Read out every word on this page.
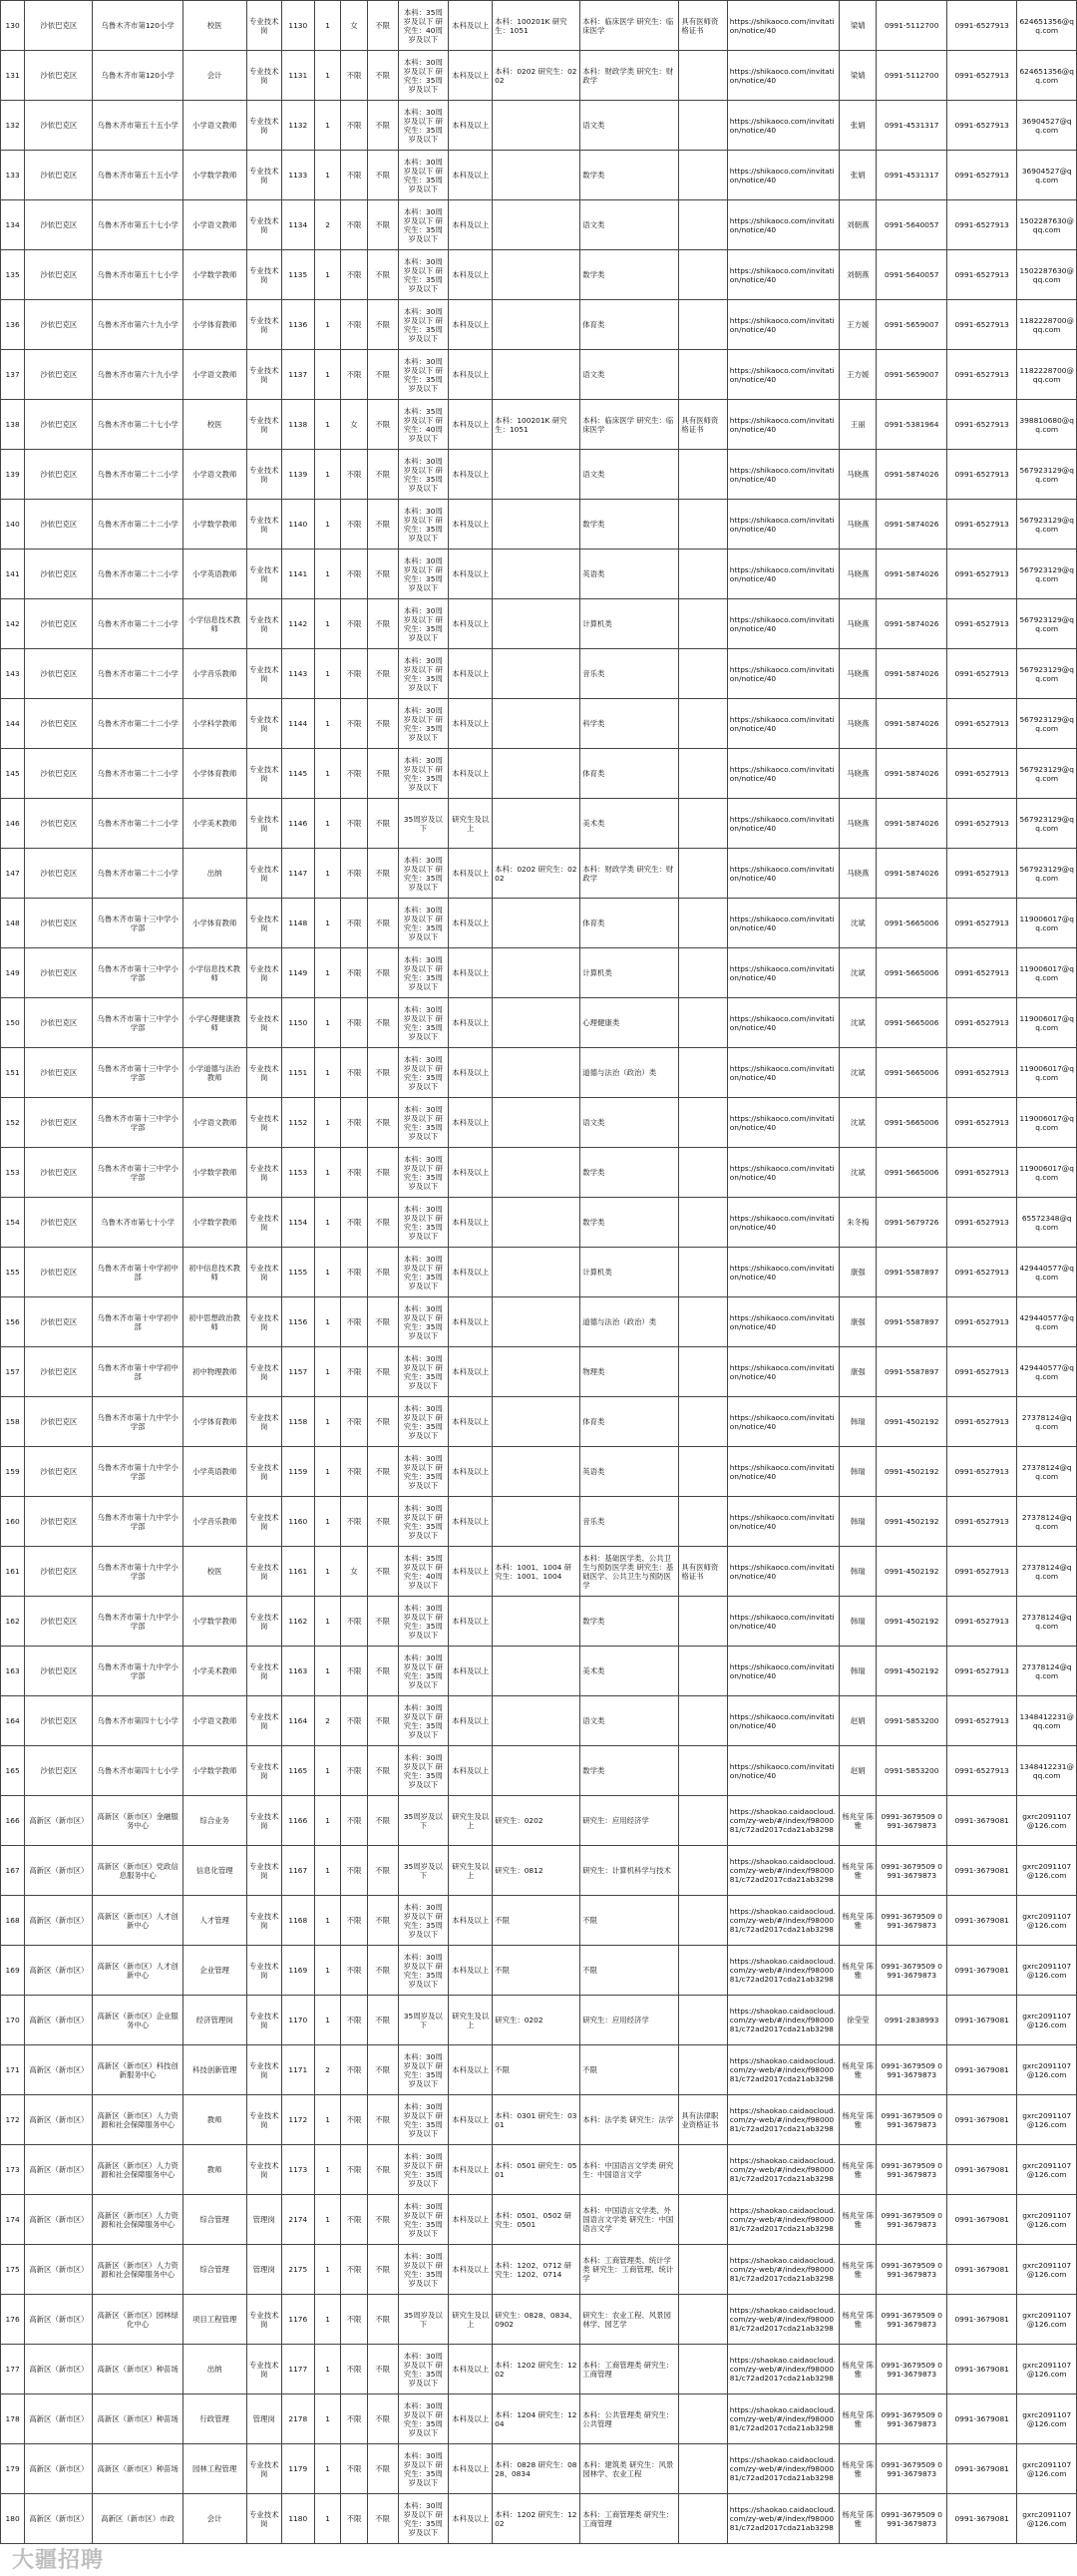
130	沙依巴克区	乌鲁木齐市第120小学	校医	专业技术岗	1130	1	女	不限	本科：35周岁及以下 研究生：40周岁及以下	本科及以上	本科：100201K 研究生：1051	本科：临床医学 研究生：临床医学	具有医师资格证书	https://shikaoco.com/invitation/notice/40	梁婧	0991-5112700	0991-6527913	624651356@qq.com
131	沙依巴克区	乌鲁木齐市第120小学	会计	专业技术岗	1131	1	不限	不限	本科：30周岁及以下 研究生：35周岁及以下	本科及以上	本科：0202 研究生：0202	本科：财政学类 研究生：财政学		https://shikaoco.com/invitation/notice/40	梁婧	0991-5112700	0991-6527913	624651356@qq.com
132	沙依巴克区	乌鲁木齐市第五十五小学	小学语文教师	专业技术岗	1132	1	不限	不限	本科：30周岁及以下 研究生：35周岁及以下	本科及以上		语文类		https://shikaoco.com/invitation/notice/40	张娟	0991-4531317	0991-6527913	36904527@qq.com
133	沙依巴克区	乌鲁木齐市第五十五小学	小学数学教师	专业技术岗	1133	1	不限	不限	本科：30周岁及以下 研究生：35周岁及以下	本科及以上		数学类		https://shikaoco.com/invitation/notice/40	张娟	0991-4531317	0991-6527913	36904527@qq.com
134	沙依巴克区	乌鲁木齐市第五十七小学	小学语文教师	专业技术岗	1134	2	不限	不限	本科：30周岁及以下 研究生：35周岁及以下	本科及以上		语文类		https://shikaoco.com/invitation/notice/40	刘朝燕	0991-5640057	0991-6527913	1502287630@qq.com
135	沙依巴克区	乌鲁木齐市第五十七小学	小学数学教师	专业技术岗	1135	1	不限	不限	本科：30周岁及以下 研究生：35周岁及以下	本科及以上		数学类		https://shikaoco.com/invitation/notice/40	刘朝燕	0991-5640057	0991-6527913	1502287630@qq.com
136	沙依巴克区	乌鲁木齐市第六十九小学	小学体育教师	专业技术岗	1136	1	不限	不限	本科：30周岁及以下 研究生：35周岁及以下	本科及以上		体育类		https://shikaoco.com/invitation/notice/40	王方媛	0991-5659007	0991-6527913	1182228700@qq.com
137	沙依巴克区	乌鲁木齐市第六十九小学	小学语文教师	专业技术岗	1137	1	不限	不限	本科：30周岁及以下 研究生：35周岁及以下	本科及以上		语文类		https://shikaoco.com/invitation/notice/40	王方媛	0991-5659007	0991-6527913	1182228700@qq.com
138	沙依巴克区	乌鲁木齐市第二十七小学	校医	专业技术岗	1138	1	女	不限	本科：35周岁及以下 研究生：40周岁及以下	本科及以上	本科：100201K 研究生：1051	本科：临床医学 研究生：临床医学	具有医师资格证书	https://shikaoco.com/invitation/notice/40	王丽	0991-5381964	0991-6527913	398810680@qq.com
139	沙依巴克区	乌鲁木齐市第二十二小学	小学语文教师	专业技术岗	1139	1	不限	不限	本科：30周岁及以下 研究生：35周岁及以下	本科及以上		语文类		https://shikaoco.com/invitation/notice/40	马晓燕	0991-5874026	0991-6527913	567923129@qq.com
140	沙依巴克区	乌鲁木齐市第二十二小学	小学数学教师	专业技术岗	1140	1	不限	不限	本科：30周岁及以下 研究生：35周岁及以下	本科及以上		数学类		https://shikaoco.com/invitation/notice/40	马晓燕	0991-5874026	0991-6527913	567923129@qq.com
141	沙依巴克区	乌鲁木齐市第二十二小学	小学英语教师	专业技术岗	1141	1	不限	不限	本科：30周岁及以下 研究生：35周岁及以下	本科及以上		英语类		https://shikaoco.com/invitation/notice/40	马晓燕	0991-5874026	0991-6527913	567923129@qq.com
142	沙依巴克区	乌鲁木齐市第二十二小学	小学信息技术教师	专业技术岗	1142	1	不限	不限	本科：30周岁及以下 研究生：35周岁及以下	本科及以上		计算机类		https://shikaoco.com/invitation/notice/40	马晓燕	0991-5874026	0991-6527913	567923129@qq.com
143	沙依巴克区	乌鲁木齐市第二十二小学	小学音乐教师	专业技术岗	1143	1	不限	不限	本科：30周岁及以下 研究生：35周岁及以下	本科及以上		音乐类		https://shikaoco.com/invitation/notice/40	马晓燕	0991-5874026	0991-6527913	567923129@qq.com
144	沙依巴克区	乌鲁木齐市第二十二小学	小学科学教师	专业技术岗	1144	1	不限	不限	本科：30周岁及以下 研究生：35周岁及以下	本科及以上		科学类		https://shikaoco.com/invitation/notice/40	马晓燕	0991-5874026	0991-6527913	567923129@qq.com
145	沙依巴克区	乌鲁木齐市第二十二小学	小学体育教师	专业技术岗	1145	1	不限	不限	本科：30周岁及以下 研究生：35周岁及以下	本科及以上		体育类		https://shikaoco.com/invitation/notice/40	马晓燕	0991-5874026	0991-6527913	567923129@qq.com
146	沙依巴克区	乌鲁木齐市第二十二小学	小学美术教师	专业技术岗	1146	1	不限	不限	35周岁及以下	研究生及以上		美术类		https://shikaoco.com/invitation/notice/40	马晓燕	0991-5874026	0991-6527913	567923129@qq.com
147	沙依巴克区	乌鲁木齐市第二十二小学	出纳	专业技术岗	1147	1	不限	不限	本科：30周岁及以下 研究生：35周岁及以下	本科及以上	本科：0202 研究生：0202	本科：财政学类 研究生：财政学		https://shikaoco.com/invitation/notice/40	马晓燕	0991-5874026	0991-6527913	567923129@qq.com
148	沙依巴克区	乌鲁木齐市第十三中学小学部	小学体育教师	专业技术岗	1148	1	不限	不限	本科：30周岁及以下 研究生：35周岁及以下	本科及以上		体育类		https://shikaoco.com/invitation/notice/40	沈斌	0991-5665006	0991-6527913	119006017@qq.com
149	沙依巴克区	乌鲁木齐市第十三中学小学部	小学信息技术教师	专业技术岗	1149	1	不限	不限	本科：30周岁及以下 研究生：35周岁及以下	本科及以上		计算机类		https://shikaoco.com/invitation/notice/40	沈斌	0991-5665006	0991-6527913	119006017@qq.com
150	沙依巴克区	乌鲁木齐市第十三中学小学部	小学心理健康教师	专业技术岗	1150	1	不限	不限	本科：30周岁及以下 研究生：35周岁及以下	本科及以上		心理健康类		https://shikaoco.com/invitation/notice/40	沈斌	0991-5665006	0991-6527913	119006017@qq.com
151	沙依巴克区	乌鲁木齐市第十三中学小学部	小学道德与法治教师	专业技术岗	1151	1	不限	不限	本科：30周岁及以下 研究生：35周岁及以下	本科及以上		道德与法治（政治）类		https://shikaoco.com/invitation/notice/40	沈斌	0991-5665006	0991-6527913	119006017@qq.com
152	沙依巴克区	乌鲁木齐市第十三中学小学部	小学语文教师	专业技术岗	1152	1	不限	不限	本科：30周岁及以下 研究生：35周岁及以下	本科及以上		语文类		https://shikaoco.com/invitation/notice/40	沈斌	0991-5665006	0991-6527913	119006017@qq.com
153	沙依巴克区	乌鲁木齐市第十三中学小学部	小学数学教师	专业技术岗	1153	1	不限	不限	本科：30周岁及以下 研究生：35周岁及以下	本科及以上		数学类		https://shikaoco.com/invitation/notice/40	沈斌	0991-5665006	0991-6527913	119006017@qq.com
154	沙依巴克区	乌鲁木齐市第七十小学	小学数学教师	专业技术岗	1154	1	不限	不限	本科：30周岁及以下 研究生：35周岁及以下	本科及以上		数学类		https://shikaoco.com/invitation/notice/40	朱冬梅	0991-5679726	0991-6527913	65572348@qq.com
155	沙依巴克区	乌鲁木齐市第十中学初中部	初中信息技术教师	专业技术岗	1155	1	不限	不限	本科：30周岁及以下 研究生：35周岁及以下	本科及以上		计算机类		https://shikaoco.com/invitation/notice/40	康强	0991-5587897	0991-6527913	429440577@qq.com
156	沙依巴克区	乌鲁木齐市第十中学初中部	初中思想政治教师	专业技术岗	1156	1	不限	不限	本科：30周岁及以下 研究生：35周岁及以下	本科及以上		道德与法治（政治）类		https://shikaoco.com/invitation/notice/40	康强	0991-5587897	0991-6527913	429440577@qq.com
157	沙依巴克区	乌鲁木齐市第十中学初中部	初中物理教师	专业技术岗	1157	1	不限	不限	本科：30周岁及以下 研究生：35周岁及以下	本科及以上		物理类		https://shikaoco.com/invitation/notice/40	康强	0991-5587897	0991-6527913	429440577@qq.com
158	沙依巴克区	乌鲁木齐市第十九中学小学部	小学体育教师	专业技术岗	1158	1	不限	不限	本科：30周岁及以下 研究生：35周岁及以下	本科及以上		体育类		https://shikaoco.com/invitation/notice/40	韩瑞	0991-4502192	0991-6527913	27378124@qq.com
159	沙依巴克区	乌鲁木齐市第十九中学小学部	小学英语教师	专业技术岗	1159	1	不限	不限	本科：30周岁及以下 研究生：35周岁及以下	本科及以上		英语类		https://shikaoco.com/invitation/notice/40	韩瑞	0991-4502192	0991-6527913	27378124@qq.com
160	沙依巴克区	乌鲁木齐市第十九中学小学部	小学音乐教师	专业技术岗	1160	1	不限	不限	本科：30周岁及以下 研究生：35周岁及以下	本科及以上		音乐类		https://shikaoco.com/invitation/notice/40	韩瑞	0991-4502192	0991-6527913	27378124@qq.com
161	沙依巴克区	乌鲁木齐市第十九中学小学部	校医	专业技术岗	1161	1	女	不限	本科：35周岁及以下 研究生：40周岁及以下	本科及以上	本科：1001、1004 研究生：1001、1004	本科：基础医学类、公共卫生与预防医学类 研究生：基础医学、公共卫生与预防医学	具有医师资格证书	https://shikaoco.com/invitation/notice/40	韩瑞	0991-4502192	0991-6527913	27378124@qq.com
162	沙依巴克区	乌鲁木齐市第十九中学小学部	小学数学教师	专业技术岗	1162	1	不限	不限	本科：30周岁及以下 研究生：35周岁及以下	本科及以上		数学类		https://shikaoco.com/invitation/notice/40	韩瑞	0991-4502192	0991-6527913	27378124@qq.com
163	沙依巴克区	乌鲁木齐市第十九中学小学部	小学美术教师	专业技术岗	1163	1	不限	不限	本科：30周岁及以下 研究生：35周岁及以下	本科及以上		美术类		https://shikaoco.com/invitation/notice/40	韩瑞	0991-4502192	0991-6527913	27378124@qq.com
164	沙依巴克区	乌鲁木齐市第四十七小学	小学语文教师	专业技术岗	1164	2	不限	不限	本科：30周岁及以下 研究生：35周岁及以下	本科及以上		语文类		https://shikaoco.com/invitation/notice/40	赵娟	0991-5853200	0991-6527913	1348412231@qq.com
165	沙依巴克区	乌鲁木齐市第四十七小学	小学数学教师	专业技术岗	1165	1	不限	不限	本科：30周岁及以下 研究生：35周岁及以下	本科及以上		数学类		https://shikaoco.com/invitation/notice/40	赵娟	0991-5853200	0991-6527913	1348412231@qq.com
166	高新区（新市区）	高新区（新市区）金融服务中心	综合业务	专业技术岗	1166	1	不限	不限	35周岁及以下	研究生及以上	研究生：0202	研究生：应用经济学		https://shaokao.caidaocloud.com/zy-web/#/index/f9800081/c72ad2017cda21ab3298	杨兆莹 陈雅	0991-3679509 0991-3679873	0991-3679081	gxrc2091107@126.com
167	高新区（新市区）	高新区（新市区）党政信息服务中心	信息化管理	专业技术岗	1167	1	不限	不限	35周岁及以下	研究生及以上	研究生：0812	研究生：计算机科学与技术		https://shaokao.caidaocloud.com/zy-web/#/index/f9800081/c72ad2017cda21ab3298	杨兆莹 陈雅	0991-3679509 0991-3679873	0991-3679081	gxrc2091107@126.com
168	高新区（新市区）	高新区（新市区）人才创新中心	人才管理	专业技术岗	1168	1	不限	不限	本科：30周岁及以下 研究生：35周岁及以下	本科及以上	不限	不限		https://shaokao.caidaocloud.com/zy-web/#/index/f9800081/c72ad2017cda21ab3298	杨兆莹 陈雅	0991-3679509 0991-3679873	0991-3679081	gxrc2091107@126.com
169	高新区（新市区）	高新区（新市区）人才创新中心	企业管理	专业技术岗	1169	1	不限	不限	本科：30周岁及以下 研究生：35周岁及以下	本科及以上	不限	不限		https://shaokao.caidaocloud.com/zy-web/#/index/f9800081/c72ad2017cda21ab3298	杨兆莹 陈雅	0991-3679509 0991-3679873	0991-3679081	gxrc2091107@126.com
170	高新区（新市区）	高新区（新市区）企业服务中心	经济管理岗	专业技术岗	1170	1	不限	不限	35周岁及以下	研究生及以上	研究生：0202	研究生：应用经济学		https://shaokao.caidaocloud.com/zy-web/#/index/f9800081/c72ad2017cda21ab3298	徐莹莹	0991-2838993	0991-3679081	gxrc2091107@126.com
171	高新区（新市区）	高新区（新市区）科技创新服务中心	科技创新管理	专业技术岗	1171	2	不限	不限	本科：30周岁及以下 研究生：35周岁及以下	本科及以上	不限	不限		https://shaokao.caidaocloud.com/zy-web/#/index/f9800081/c72ad2017cda21ab3298	杨兆莹 陈雅	0991-3679509 0991-3679873	0991-3679081	gxrc2091107@126.com
172	高新区（新市区）	高新区（新市区）人力资源和社会保障服务中心	教师	专业技术岗	1172	1	不限	不限	本科：30周岁及以下 研究生：35周岁及以下	本科及以上	本科：0301 研究生：0301	本科：法学类 研究生：法学	具有法律职业资格证书	https://shaokao.caidaocloud.com/zy-web/#/index/f9800081/c72ad2017cda21ab3298	杨兆莹 陈雅	0991-3679509 0991-3679873	0991-3679081	gxrc2091107@126.com
173	高新区（新市区）	高新区（新市区）人力资源和社会保障服务中心	教师	专业技术岗	1173	1	不限	不限	本科：30周岁及以下 研究生：35周岁及以下	本科及以上	本科：0501 研究生：0501	本科：中国语言文学类 研究生：中国语言文学		https://shaokao.caidaocloud.com/zy-web/#/index/f9800081/c72ad2017cda21ab3298	杨兆莹 陈雅	0991-3679509 0991-3679873	0991-3679081	gxrc2091107@126.com
174	高新区（新市区）	高新区（新市区）人力资源和社会保障服务中心	综合管理	管理岗	2174	1	不限	不限	本科：30周岁及以下 研究生：35周岁及以下	本科及以上	本科：0501、0502 研究生：0501	本科：中国语言文学类、外国语言文学类 研究生：中国语言文学		https://shaokao.caidaocloud.com/zy-web/#/index/f9800081/c72ad2017cda21ab3298	杨兆莹 陈雅	0991-3679509 0991-3679873	0991-3679081	gxrc2091107@126.com
175	高新区（新市区）	高新区（新市区）人力资源和社会保障服务中心	综合管理	管理岗	2175	1	不限	不限	本科：30周岁及以下 研究生：35周岁及以下	本科及以上	本科：1202、0712 研究生：1202、0714	本科：工商管理类、统计学类 研究生：工商管理、统计学		https://shaokao.caidaocloud.com/zy-web/#/index/f9800081/c72ad2017cda21ab3298	杨兆莹 陈雅	0991-3679509 0991-3679873	0991-3679081	gxrc2091107@126.com
176	高新区（新市区）	高新区（新市区）园林绿化中心	项目工程管理	专业技术岗	1176	1	不限	不限	35周岁及以下	研究生及以上	研究生：0828、0834、0902	研究生：农业工程、风景园林学、园艺学		https://shaokao.caidaocloud.com/zy-web/#/index/f9800081/c72ad2017cda21ab3298	杨兆莹 陈雅	0991-3679509 0991-3679873	0991-3679081	gxrc2091107@126.com
177	高新区（新市区）	高新区（新市区）种苗场	出纳	专业技术岗	1177	1	不限	不限	本科：30周岁及以下 研究生：35周岁及以下	本科及以上	本科：1202 研究生：1202	本科：工商管理类 研究生：工商管理		https://shaokao.caidaocloud.com/zy-web/#/index/f9800081/c72ad2017cda21ab3298	杨兆莹 陈雅	0991-3679509 0991-3679873	0991-3679081	gxrc2091107@126.com
178	高新区（新市区）	高新区（新市区）种苗场	行政管理	管理岗	2178	1	不限	不限	本科：30周岁及以下 研究生：35周岁及以下	本科及以上	本科：1204 研究生：1204	本科：公共管理类 研究生：公共管理		https://shaokao.caidaocloud.com/zy-web/#/index/f9800081/c72ad2017cda21ab3298	杨兆莹 陈雅	0991-3679509 0991-3679873	0991-3679081	gxrc2091107@126.com
179	高新区（新市区）	高新区（新市区）种苗场	园林工程管理	专业技术岗	1179	1	不限	不限	本科：30周岁及以下 研究生：35周岁及以下	本科及以上	本科：0828 研究生：0828、0834	本科：建筑类 研究生：风景园林学、农业工程		https://shaokao.caidaocloud.com/zy-web/#/index/f9800081/c72ad2017cda21ab3298	杨兆莹 陈雅	0991-3679509 0991-3679873	0991-3679081	gxrc2091107@126.com
180	高新区（新市区）	高新区（新市区）市政	会计	专业技术岗	1180	1	不限	不限	本科：30周岁及以下 研究生：35周岁及以下	本科及以上	本科：1202 研究生：1202	本科：工商管理类 研究生：工商管理		https://shaokao.caidaocloud.com/zy-web/#/index/f9800081/c72ad2017cda21ab3298	杨兆莹 陈雅	0991-3679509 0991-3679873	0991-3679081	gxrc2091107@126.com
大疆招聘
